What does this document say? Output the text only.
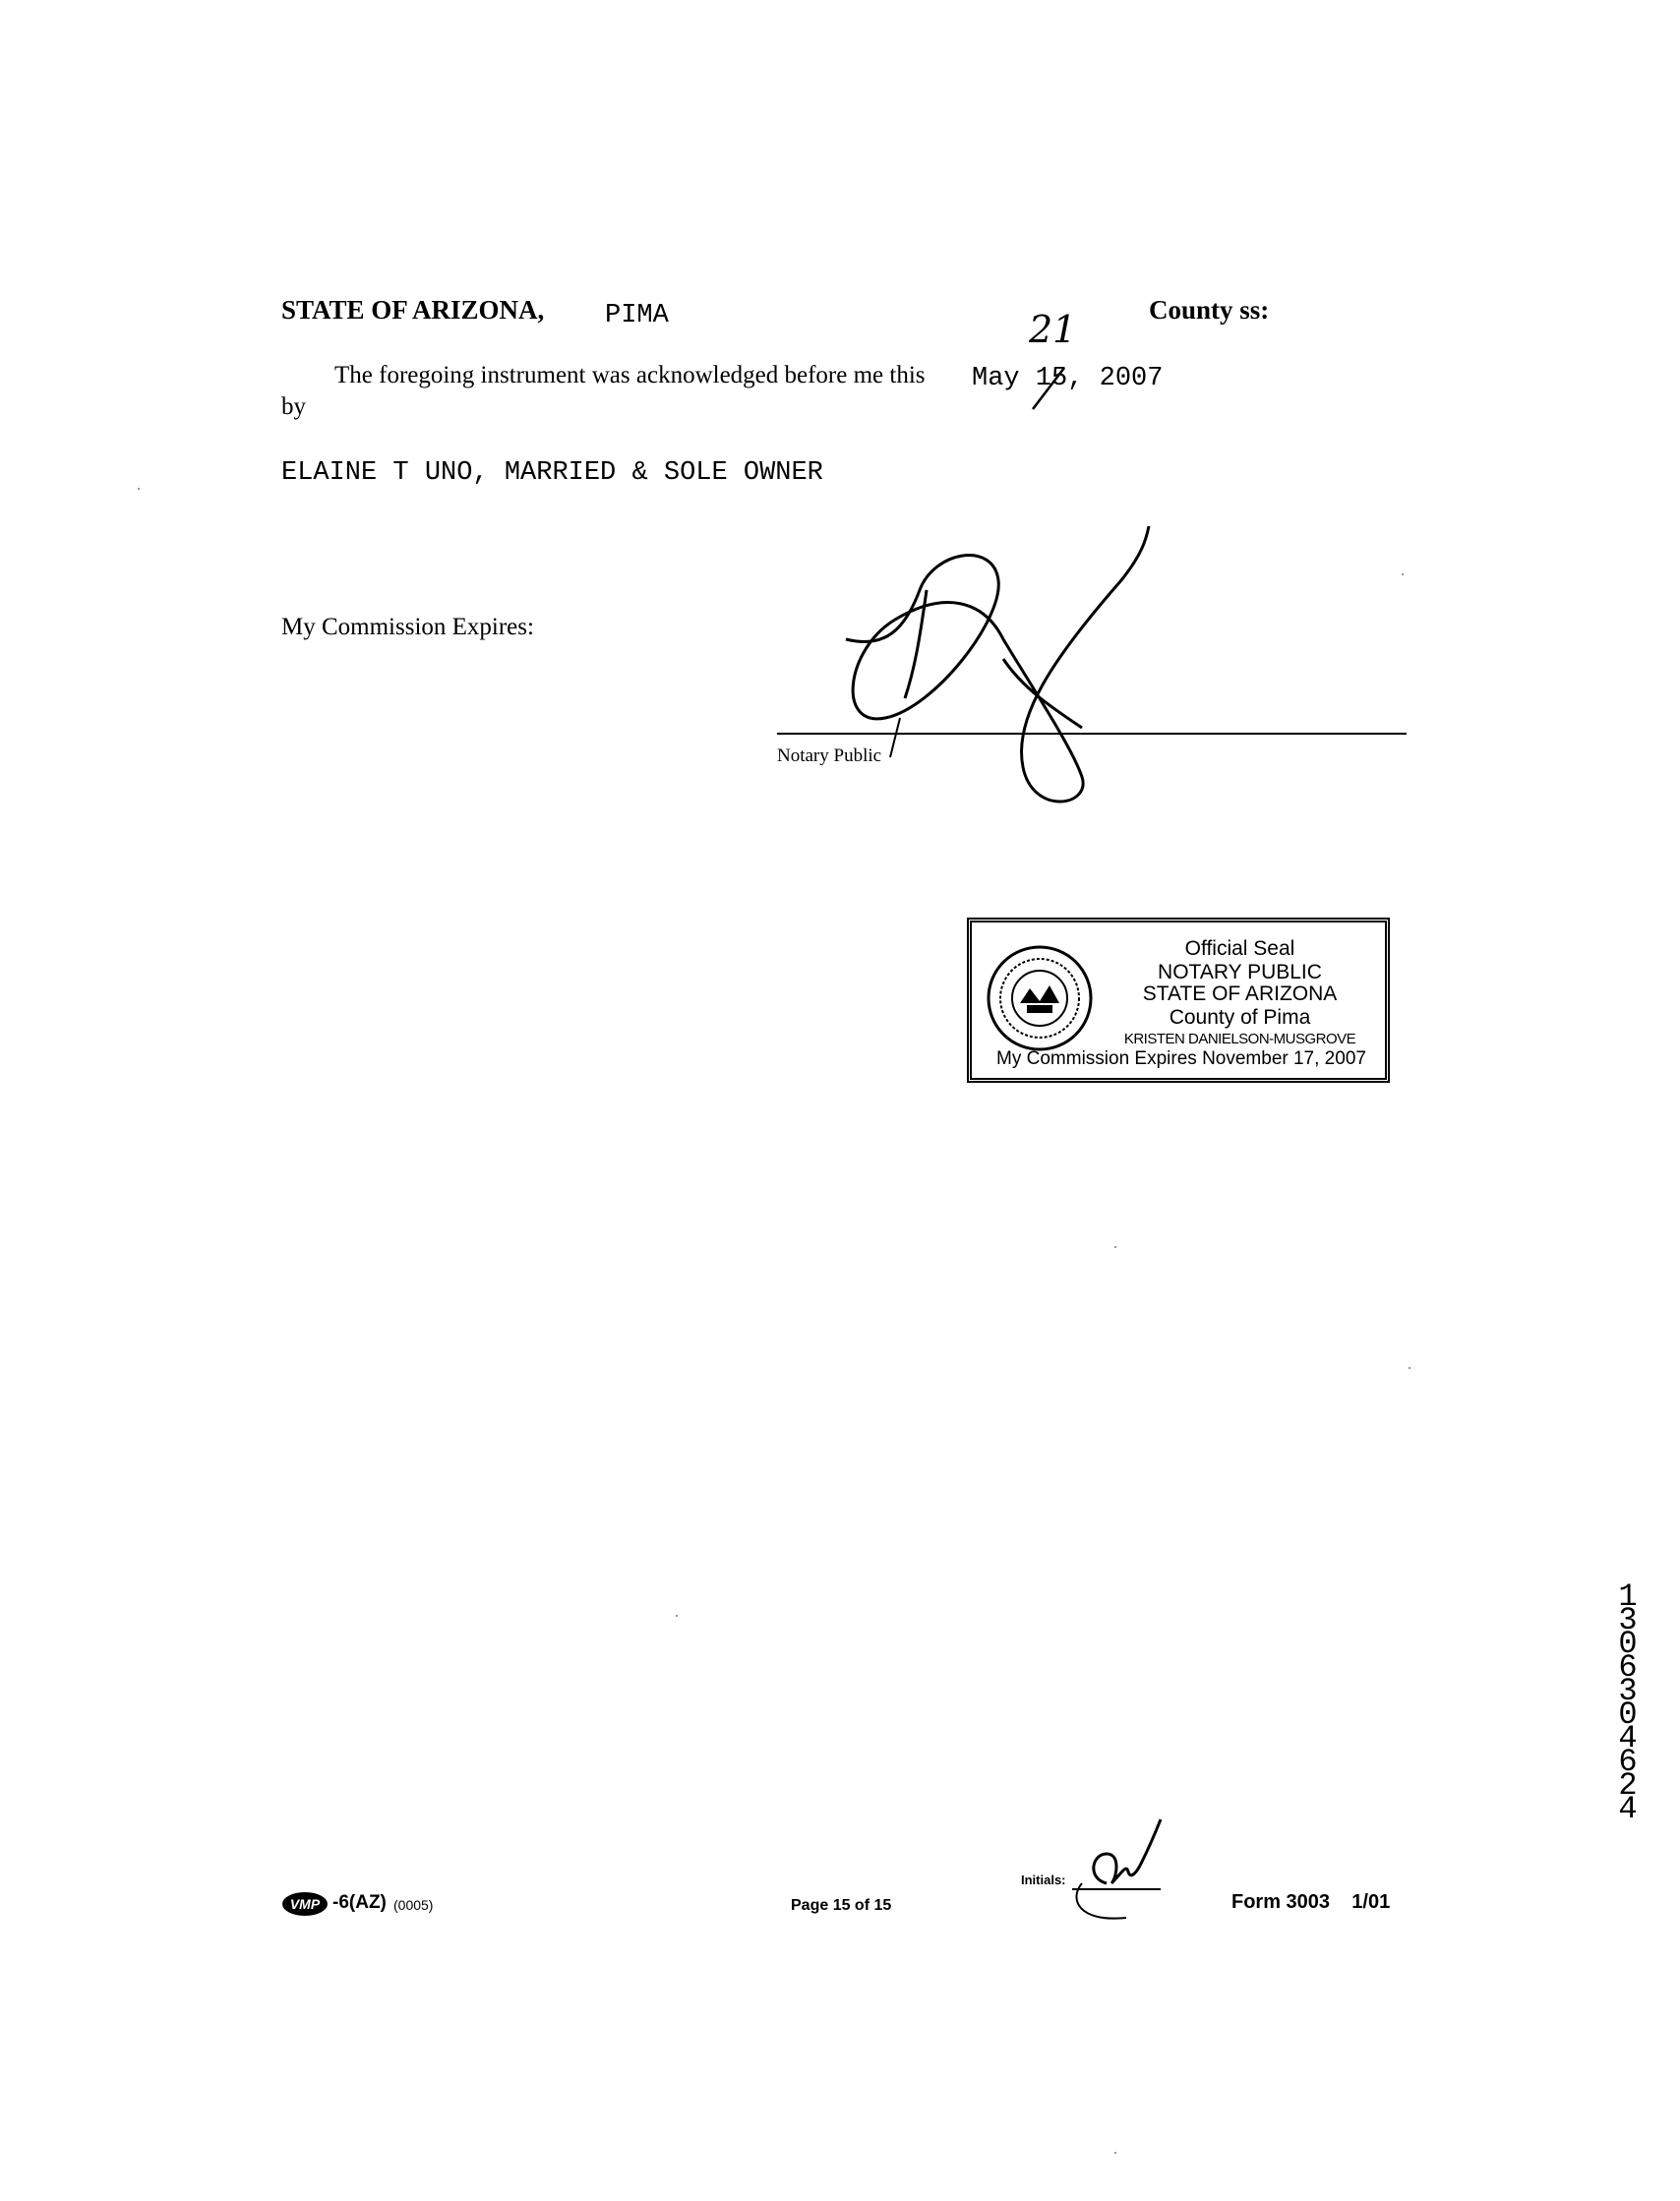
STATE OF ARIZONA, PIMA	County ss:
The foregoing instrument was acknowledged before me this May 15, 2007
21
by
ELAINE T UNO, MARRIED & SOLE OWNER
My Commission Expires:
Notary Public
Official Seal
NOTARY PUBLIC
STATE OF ARIZONA
County of Pima
KRISTEN DANIELSON-MUSGROVE
My Commission Expires November 17, 2007
VMP -6(AZ) (0005)	Page 15 of 15
Initials:
Form 3003    1/01
13063 04624
